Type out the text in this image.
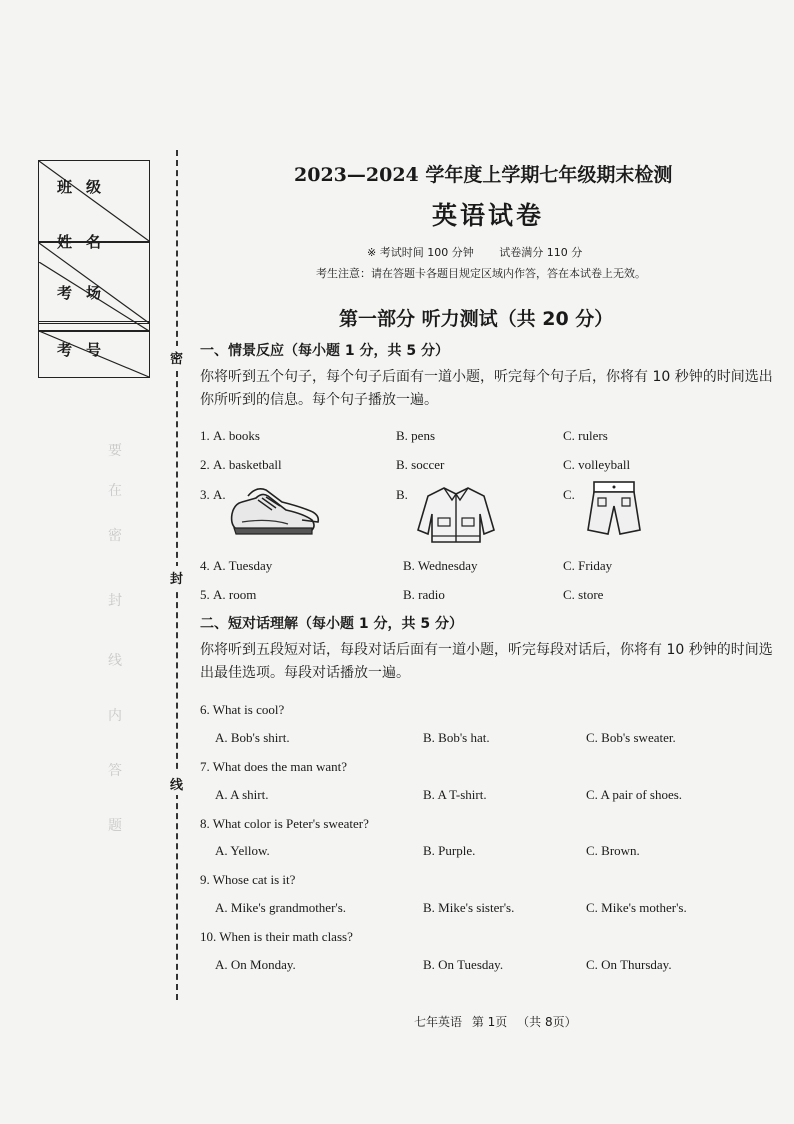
班级
姓名
考场
考号
要
在
密
封
线
内
答
题
密
封
线
2023—2024 学年度上学期七年级期末检测
英语试卷
※ 考试时间 100 分钟 试卷满分 110 分
考生注意：请在答题卡各题目规定区域内作答，答在本试卷上无效。
第一部分 听力测试（共 20 分）
一、情景反应（每小题 1 分，共 5 分）
你将听到五个句子，每个句子后面有一道小题，听完每个句子后，你将有 10 秒钟的时间选出你所听到的信息。每个句子播放一遍。
1. A. books	B. pens	C. rulers
2. A. basketball	B. soccer	C. volleyball
3. A.	B.	C.
4. A. Tuesday	B. Wednesday	C. Friday
5. A. room	B. radio	C. store
二、短对话理解（每小题 1 分，共 5 分）
你将听到五段短对话，每段对话后面有一道小题，听完每段对话后，你将有 10 秒钟的时间选出最佳选项。每段对话播放一遍。
6. What is cool?
A. Bob's shirt.	B. Bob's hat.	C. Bob's sweater.
7. What does the man want?
A. A shirt.	B. A T-shirt.	C. A pair of shoes.
8. What color is Peter's sweater?
A. Yellow.	B. Purple.	C. Brown.
9. Whose cat is it?
A. Mike's grandmother's.	B. Mike's sister's.	C. Mike's mother's.
10. When is their math class?
A. On Monday.	B. On Tuesday.	C. On Thursday.
七年英语 第 1页 （共 8页）
